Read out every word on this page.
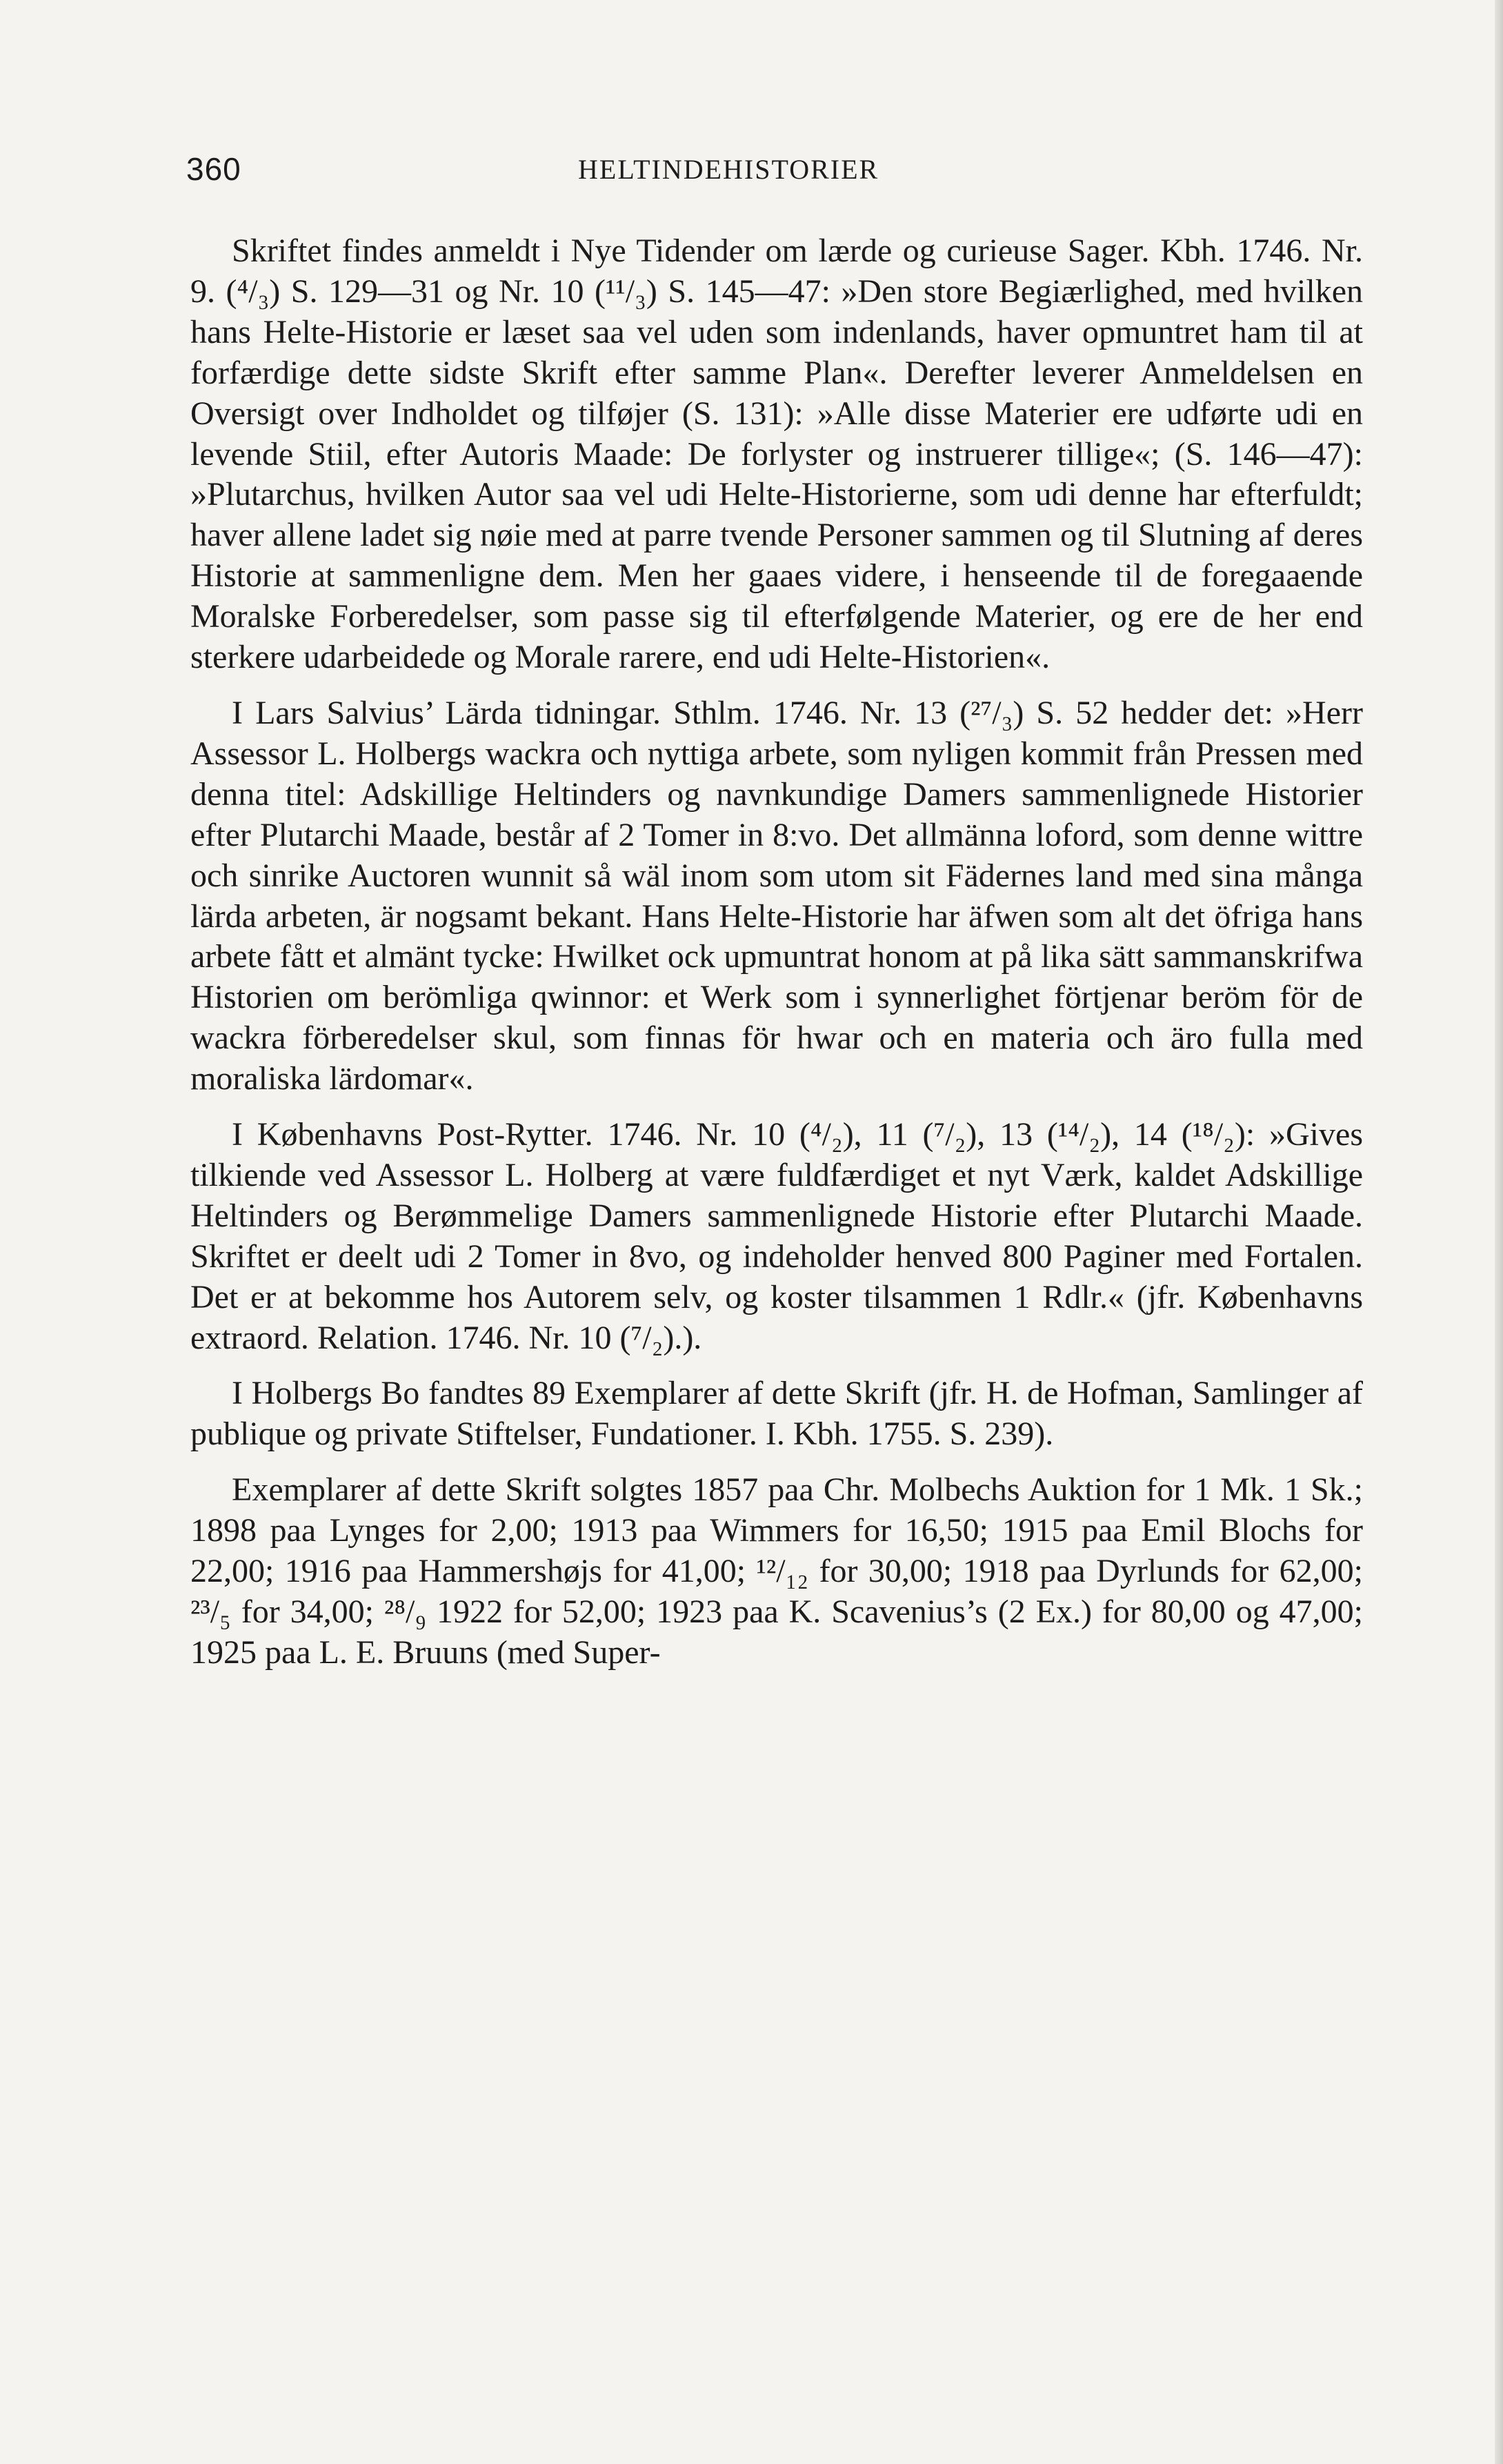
360	HELTINDEHISTORIER

Skriftet findes anmeldt i Nye Tidender om lærde og curieuse Sager. Kbh. 1746. Nr. 9. (⁴/₃) S. 129—31 og Nr. 10 (¹¹/₃) S. 145—47: »Den store Begiærlighed, med hvilken hans Helte-Historie er læset saa vel uden som indenlands, haver opmuntret ham til at forfærdige dette sidste Skrift efter samme Plan«. Derefter leverer Anmeldelsen en Oversigt over Indholdet og tilføjer (S. 131): »Alle disse Materier ere udførte udi en levende Stiil, efter Autoris Maade: De forlyster og instruerer tillige«; (S. 146—47): »Plutarchus, hvilken Autor saa vel udi Helte-Historierne, som udi denne har efterfuldt; haver allene ladet sig nøie med at parre tvende Personer sammen og til Slutning af deres Historie at sammenligne dem. Men her gaaes videre, i henseende til de foregaaende Moralske Forberedelser, som passe sig til efterfølgende Materier, og ere de her end sterkere udarbeidede og Morale rarere, end udi Helte-Historien«.

I Lars Salvius’ Lärda tidningar. Sthlm. 1746. Nr. 13 (²⁷/₃) S. 52 hedder det: »Herr Assessor L. Holbergs wackra och nyttiga arbete, som nyligen kommit från Pressen med denna titel: Adskillige Heltinders og navnkundige Damers sammenlignede Historier efter Plutarchi Maade, består af 2 Tomer in 8:vo. Det allmänna loford, som denne wittre och sinrike Auctoren wunnit så wäl inom som utom sit Fädernes land med sina många lärda arbeten, är nogsamt bekant. Hans Helte-Historie har äfwen som alt det öfriga hans arbete fått et almänt tycke: Hwilket ock upmuntrat honom at på lika sätt sammanskrifwa Historien om berömliga qwinnor: et Werk som i synnerlighet förtjenar beröm för de wackra förberedelser skul, som finnas för hwar och en materia och äro fulla med moraliska lärdomar«.

I Københavns Post-Rytter. 1746. Nr. 10 (⁴/₂), 11 (⁷/₂), 13 (¹⁴/₂), 14 (¹⁸/₂): »Gives tilkiende ved Assessor L. Holberg at være fuldfærdiget et nyt Værk, kaldet Adskillige Heltinders og Berømmelige Damers sammenlignede Historie efter Plutarchi Maade. Skriftet er deelt udi 2 Tomer in 8vo, og indeholder henved 800 Paginer med Fortalen. Det er at bekomme hos Autorem selv, og koster tilsammen 1 Rdlr.« (jfr. Københavns extraord. Relation. 1746. Nr. 10 (⁷/₂).).

I Holbergs Bo fandtes 89 Exemplarer af dette Skrift (jfr. H. de Hofman, Samlinger af publique og private Stiftelser, Fundationer. I. Kbh. 1755. S. 239).

Exemplarer af dette Skrift solgtes 1857 paa Chr. Molbechs Auktion for 1 Mk. 1 Sk.; 1898 paa Lynges for 2,00; 1913 paa Wimmers for 16,50; 1915 paa Emil Blochs for 22,00; 1916 paa Hammershøjs for 41,00; ¹²/₁₂ for 30,00; 1918 paa Dyrlunds for 62,00; ²³/₅ for 34,00; ²⁸/₉ 1922 for 52,00; 1923 paa K. Scavenius’s (2 Ex.) for 80,00 og 47,00; 1925 paa L. E. Bruuns (med Super-
